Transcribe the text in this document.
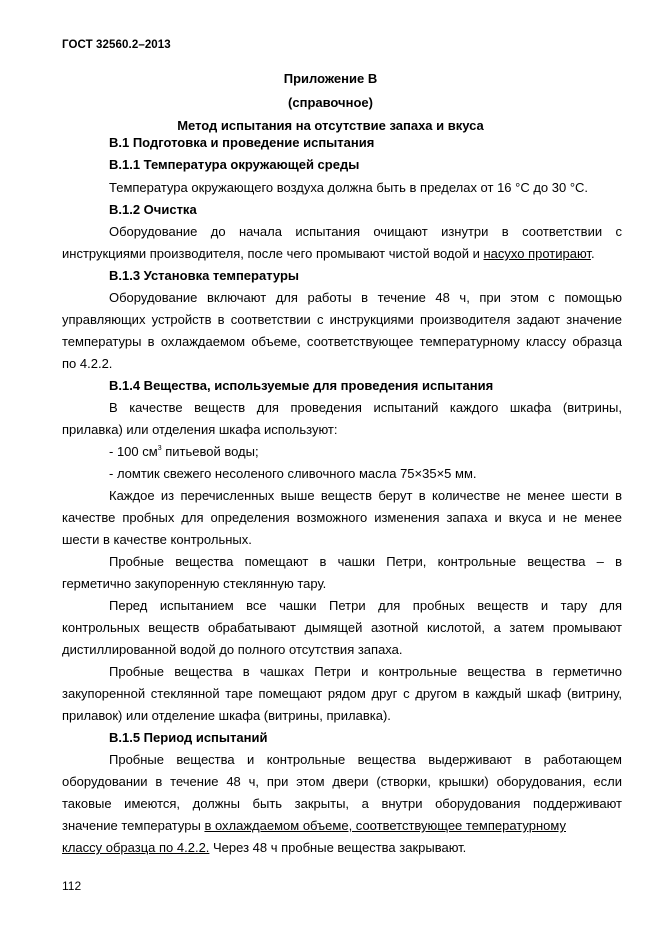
ГОСТ 32560.2–2013
Приложение В
(справочное)
Метод испытания на отсутствие запаха и вкуса
В.1 Подготовка и проведение испытания
В.1.1 Температура окружающей среды
Температура окружающего воздуха должна быть в пределах от 16 °С до 30 °С.
В.1.2 Очистка
Оборудование до начала испытания очищают изнутри в соответствии с
инструкциями производителя, после чего промывают чистой водой и насухо протирают.
В.1.3 Установка температуры
Оборудование включают для работы в течение 48 ч, при этом с помощью
управляющих устройств в соответствии с инструкциями производителя задают значение
температуры в охлаждаемом объеме, соответствующее температурному классу образца
по 4.2.2.
В.1.4 Вещества, используемые для проведения испытания
В качестве веществ для проведения испытаний каждого шкафа (витрины,
прилавка) или отделения шкафа используют:
- 100 $см^3$ питьевой воды;
- ломтик свежего несоленого сливочного масла 75×35×5 мм.
Каждое из перечисленных выше веществ берут в количестве не менее шести в
качестве пробных для определения возможного изменения запаха и вкуса и не менее
шести в качестве контрольных.
Пробные вещества помещают в чашки Петри, контрольные вещества – в
герметично закупоренную стеклянную тару.
Перед испытанием все чашки Петри для пробных веществ и тару для
контрольных веществ обрабатывают дымящей азотной кислотой, а затем промывают
дистиллированной водой до полного отсутствия запаха.
Пробные вещества в чашках Петри и контрольные вещества в герметично
закупоренной стеклянной таре помещают рядом друг с другом в каждый шкаф (витрину,
прилавок) или отделение шкафа (витрины, прилавка).
В.1.5 Период испытаний
Пробные вещества и контрольные вещества выдерживают в работающем
оборудовании в течение 48 ч, при этом двери (створки, крышки) оборудования, если
таковые имеются, должны быть закрыты, а внутри оборудования поддерживают
значение температуры в охлаждаемом объеме, соответствующее температурному
классу образца по 4.2.2. Через 48 ч пробные вещества закрывают.
112
